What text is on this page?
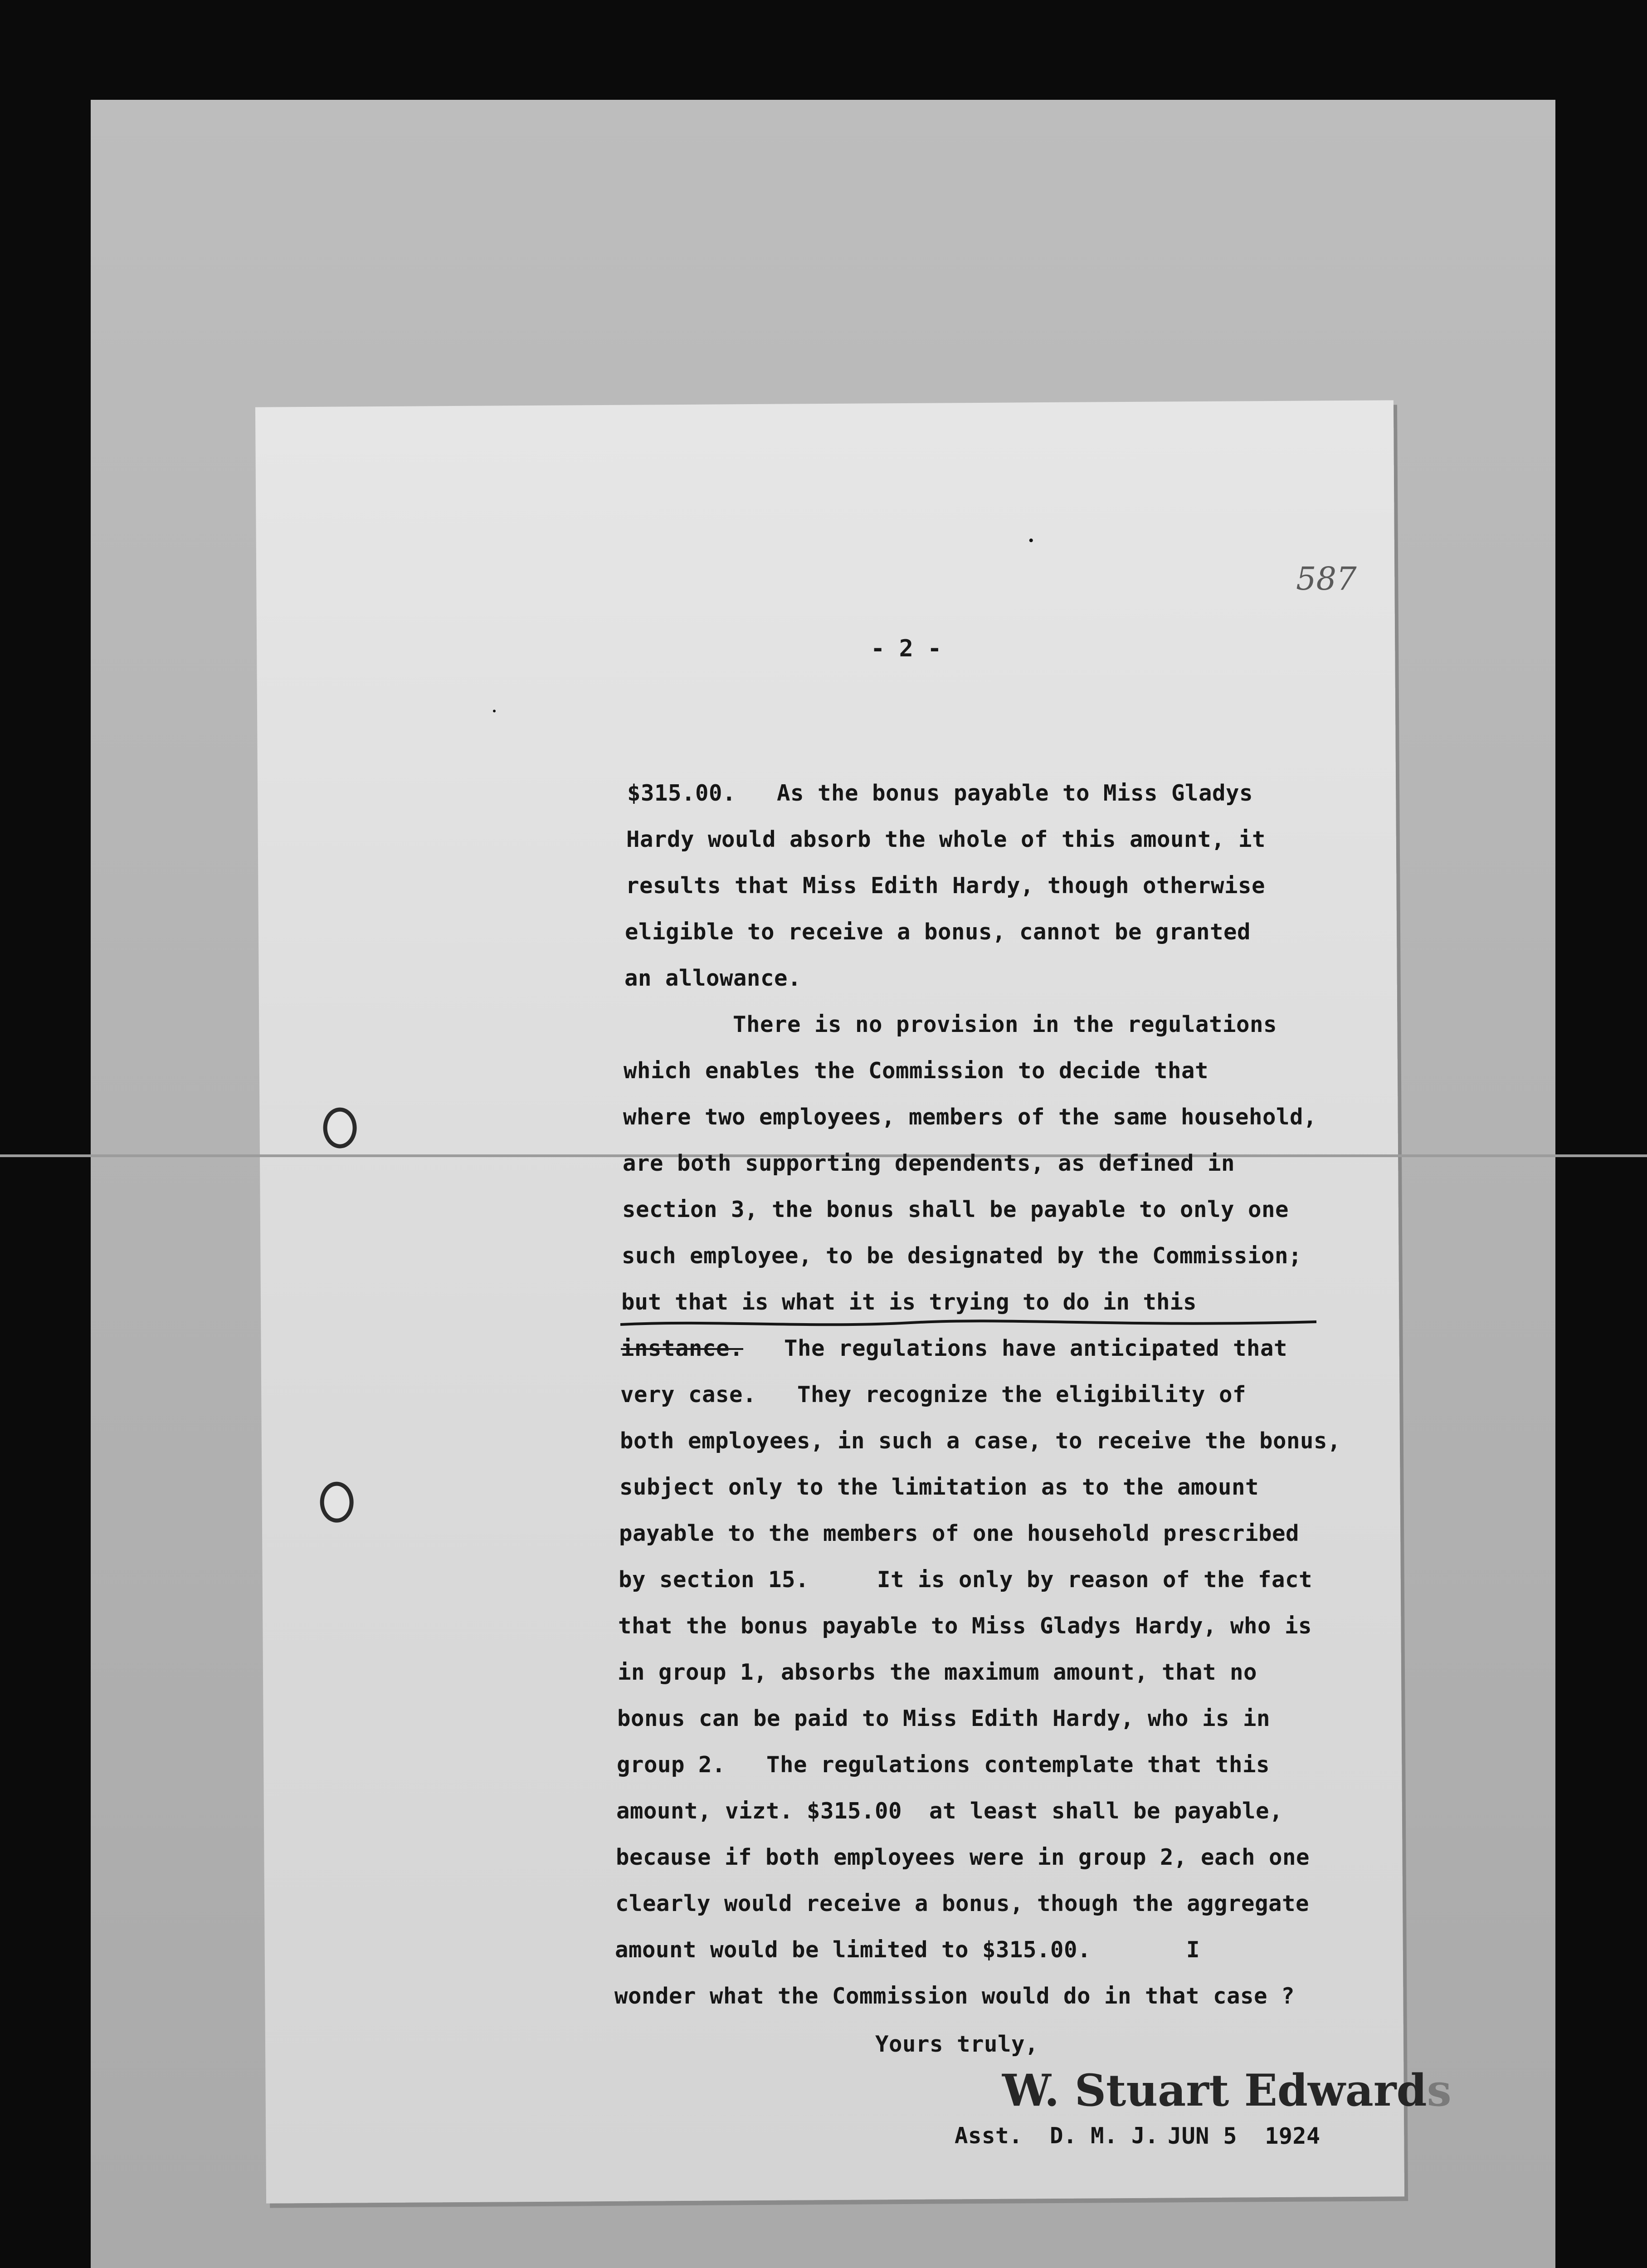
587
- 2 -
$315.00.   As the bonus payable to Miss Gladys
Hardy would absorb the whole of this amount, it
results that Miss Edith Hardy, though otherwise
eligible to receive a bonus, cannot be granted
an allowance.
There is no provision in the regulations
which enables the Commission to decide that
where two employees, members of the same household,
are both supporting dependents, as defined in
section 3, the bonus shall be payable to only one
such employee, to be designated by the Commission;
but that is what it is trying to do in this
instance.   The regulations have anticipated that
very case.   They recognize the eligibility of
both employees, in such a case, to receive the bonus,
subject only to the limitation as to the amount
payable to the members of one household prescribed
by section 15.     It is only by reason of the fact
that the bonus payable to Miss Gladys Hardy, who is
in group 1, absorbs the maximum amount, that no
bonus can be paid to Miss Edith Hardy, who is in
group 2.   The regulations contemplate that this
amount, vizt. $315.00  at least shall be payable,
because if both employees were in group 2, each one
clearly would receive a bonus, though the aggregate
amount would be limited to $315.00.       I
wonder what the Commission would do in that case ?
Yours truly,
W. Stuart Edwards
Asst.  D. M. J. JUN 5  1924
